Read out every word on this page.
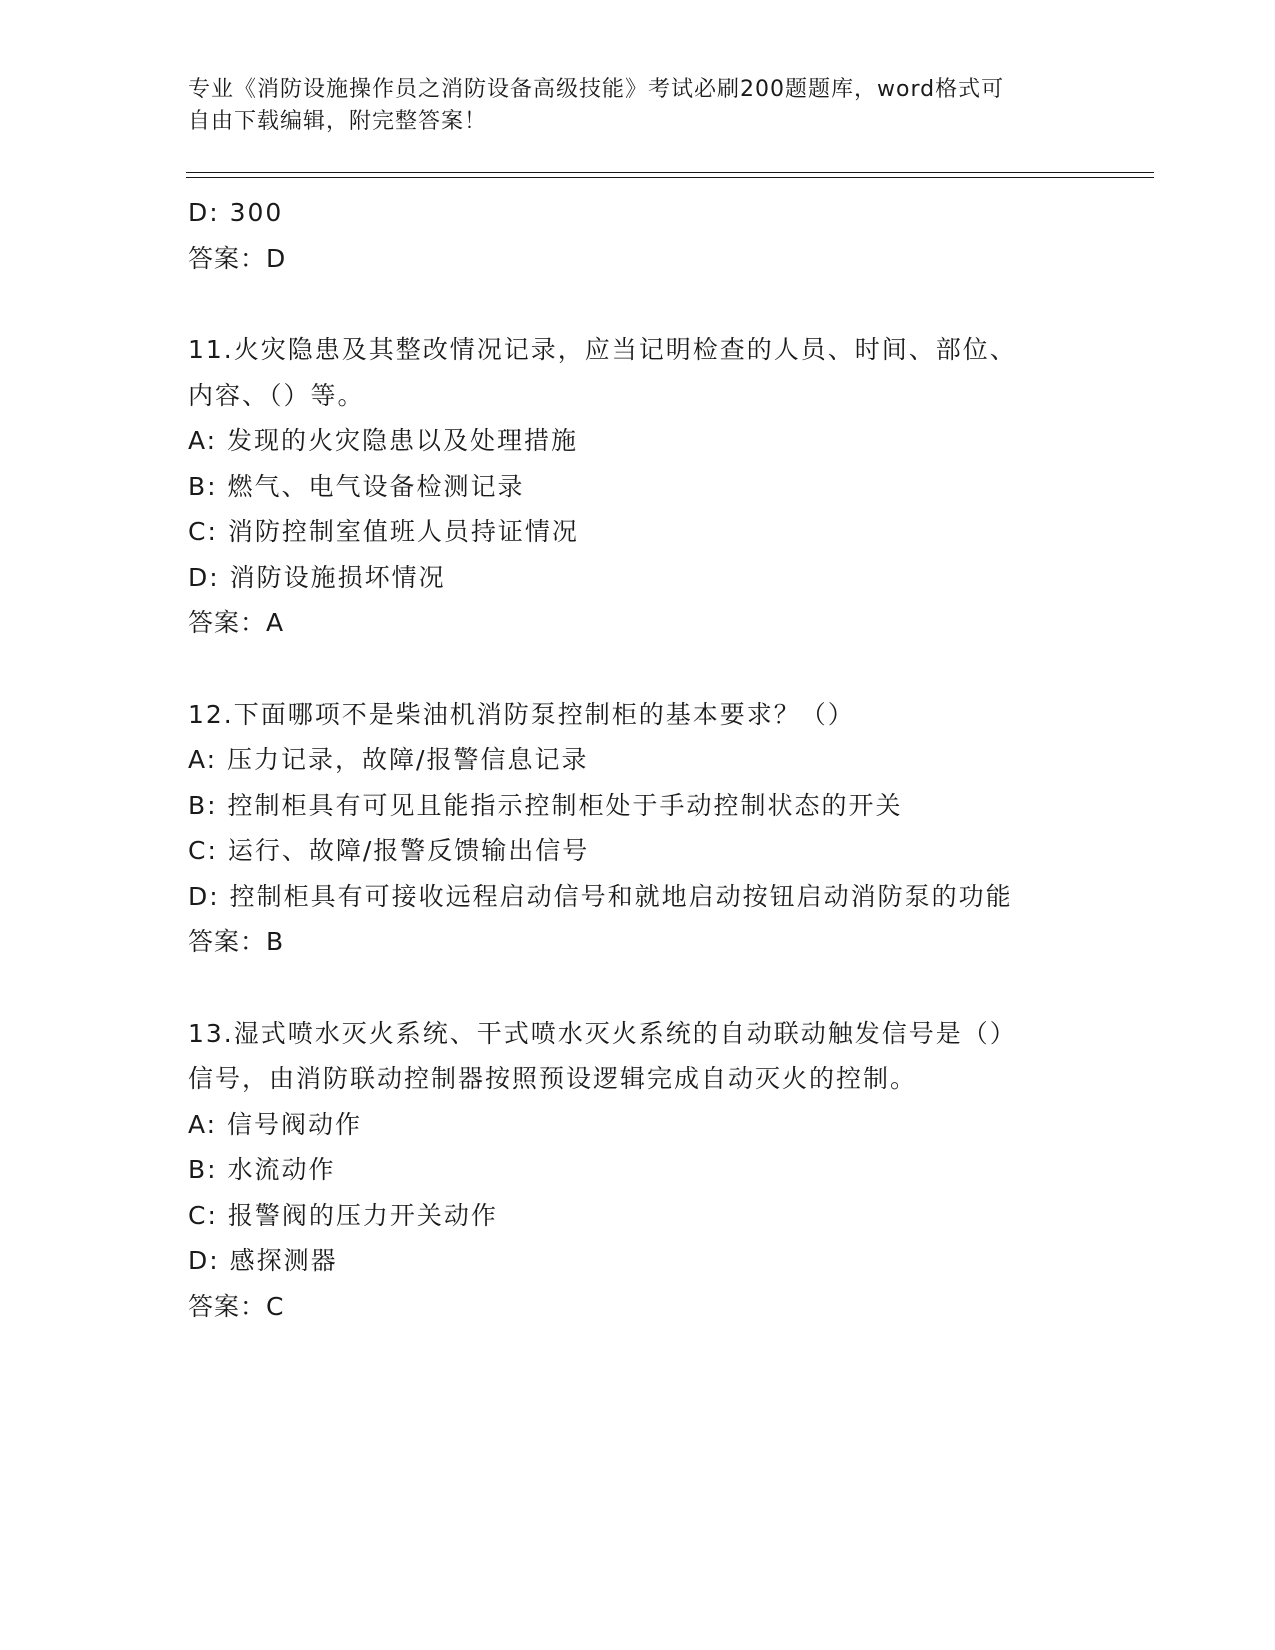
专业《消防设施操作员之消防设备高级技能》考试必刷200题题库，word格式可
自由下载编辑，附完整答案！
D: 300
答案：D
11.火灾隐患及其整改情况记录，应当记明检查的人员、时间、部位、
内容、（）等。
A: 发现的火灾隐患以及处理措施
B: 燃气、电气设备检测记录
C: 消防控制室值班人员持证情况
D: 消防设施损坏情况
答案：A
12.下面哪项不是柴油机消防泵控制柜的基本要求？（）
A: 压力记录，故障/报警信息记录
B: 控制柜具有可见且能指示控制柜处于手动控制状态的开关
C: 运行、故障/报警反馈输出信号
D: 控制柜具有可接收远程启动信号和就地启动按钮启动消防泵的功能
答案：B
13.湿式喷水灭火系统、干式喷水灭火系统的自动联动触发信号是（）
信号，由消防联动控制器按照预设逻辑完成自动灭火的控制。
A: 信号阀动作
B: 水流动作
C: 报警阀的压力开关动作
D: 感探测器
答案：C
